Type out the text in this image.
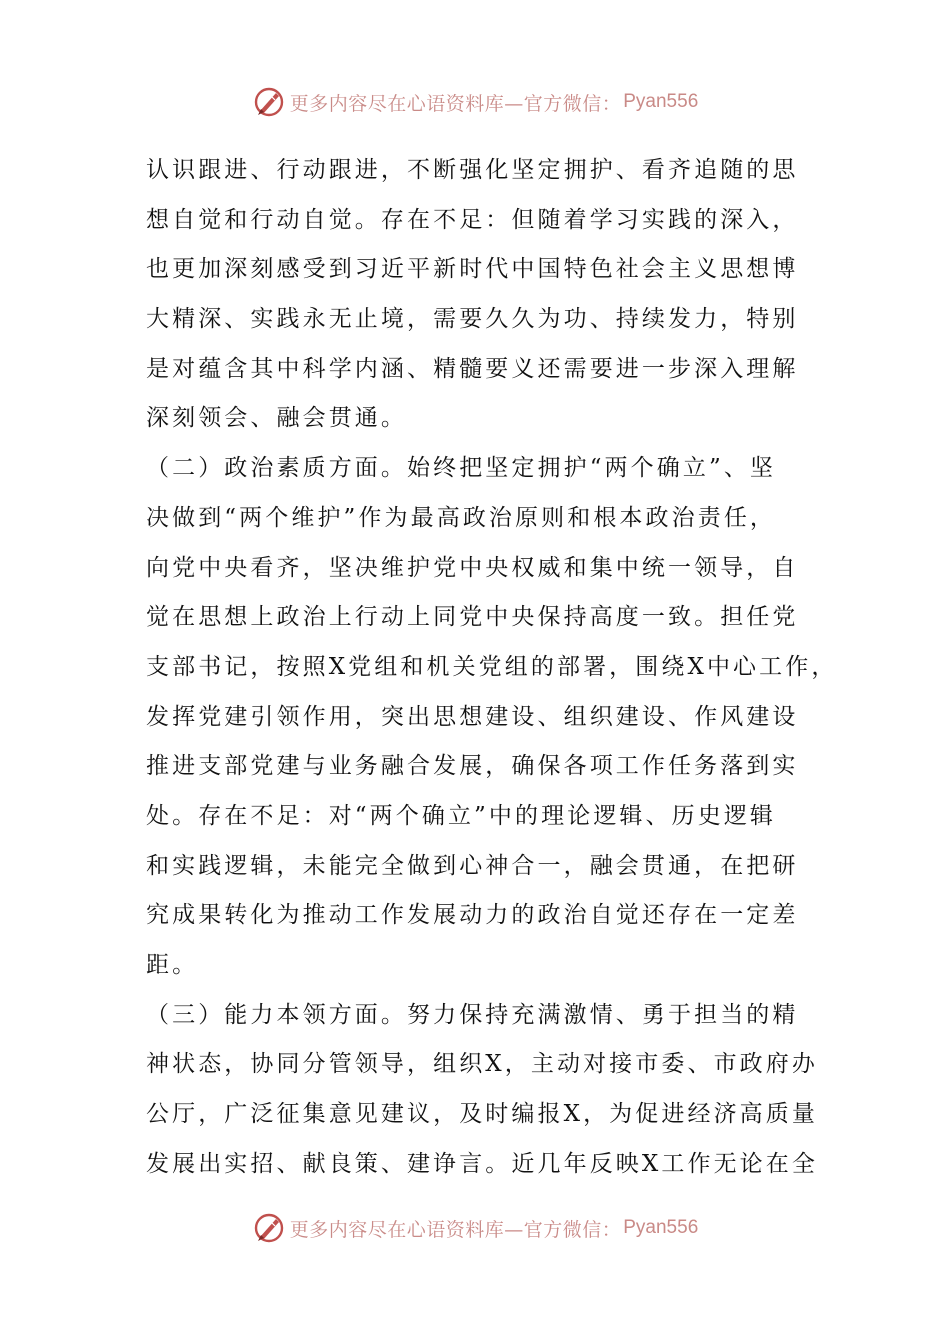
更多内容尽在心语资料库—官方微信： Pyan556
认识跟进、行动跟进，不断强化坚定拥护、看齐追随的思
想自觉和行动自觉。存在不足：但随着学习实践的深入，
也更加深刻感受到习近平新时代中国特色社会主义思想博
大精深、实践永无止境，需要久久为功、持续发力，特别
是对蕴含其中科学内涵、精髓要义还需要进一步深入理解
深刻领会、融会贯通。
（二）政治素质方面。始终把坚定拥护“两个确立”、坚
决做到“两个维护”作为最高政治原则和根本政治责任，
向党中央看齐，坚决维护党中央权威和集中统一领导，自
觉在思想上政治上行动上同党中央保持高度一致。担任党
支部书记，按照X党组和机关党组的部署，围绕X中心工作，
发挥党建引领作用，突出思想建设、组织建设、作风建设
推进支部党建与业务融合发展，确保各项工作任务落到实
处。存在不足：对“两个确立”中的理论逻辑、历史逻辑
和实践逻辑，未能完全做到心神合一，融会贯通，在把研
究成果转化为推动工作发展动力的政治自觉还存在一定差
距。
（三）能力本领方面。努力保持充满激情、勇于担当的精
神状态，协同分管领导，组织X，主动对接市委、市政府办
公厅，广泛征集意见建议，及时编报X，为促进经济高质量
发展出实招、献良策、建诤言。近几年反映X工作无论在全
更多内容尽在心语资料库—官方微信： Pyan556
